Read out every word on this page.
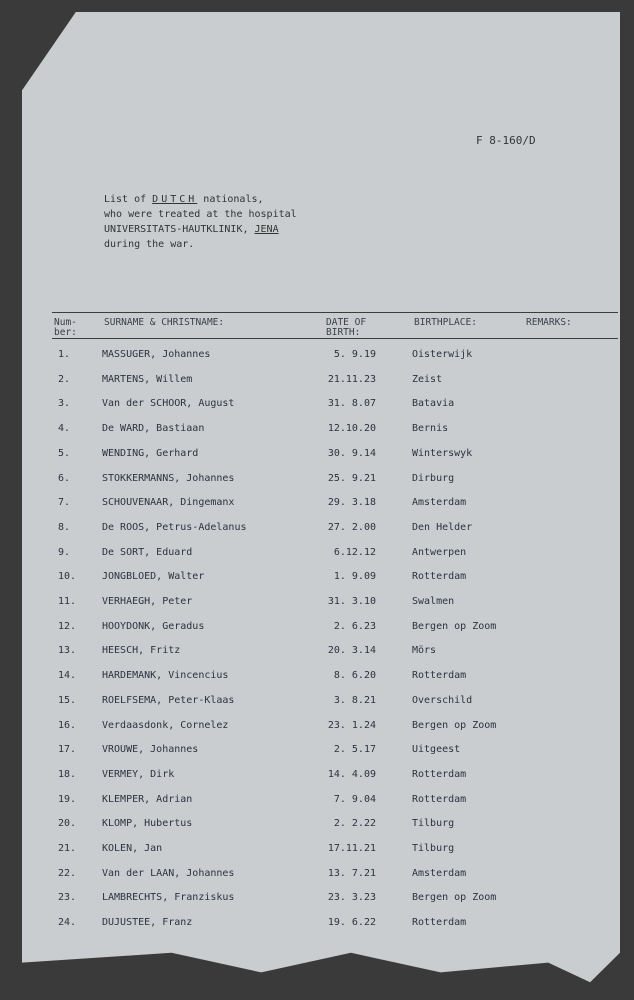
F 8-160/D
List of DUTCH nationals,
who were treated at the hospital
UNIVERSITATS-HAUTKLINIK, JENA
during the war.
Num-
ber:
SURNAME & CHRISTNAME:	DATE OF
BIRTH:
BIRTHPLACE:	REMARKS:
1.	MASSUGER, Johannes	5. 9.19	Oisterwijk
2.	MARTENS, Willem	21.11.23	Zeist
3.	Van der SCHOOR, August	31. 8.07	Batavia
4.	De WARD, Bastiaan	12.10.20	Bernis
5.	WENDING, Gerhard	30. 9.14	Winterswyk
6.	STOKKERMANNS, Johannes	25. 9.21	Dirburg
7.	SCHOUVENAAR, Dingemanx	29. 3.18	Amsterdam
8.	De ROOS, Petrus-Adelanus	27. 2.00	Den Helder
9.	De SORT, Eduard	6.12.12	Antwerpen
10.	JONGBLOED, Walter	1. 9.09	Rotterdam
11.	VERHAEGH, Peter	31. 3.10	Swalmen
12.	HOOYDONK, Geradus	2. 6.23	Bergen op Zoom
13.	HEESCH, Fritz	20. 3.14	Mörs
14.	HARDEMANK, Vincencius	8. 6.20	Rotterdam
15.	ROELFSEMA, Peter-Klaas	3. 8.21	Overschild
16.	Verdaasdonk, Cornelez	23. 1.24	Bergen op Zoom
17.	VROUWE, Johannes	2. 5.17	Uitgeest
18.	VERMEY, Dirk	14. 4.09	Rotterdam
19.	KLEMPER, Adrian	7. 9.04	Rotterdam
20.	KLOMP, Hubertus	2. 2.22	Tilburg
21.	KOLEN, Jan	17.11.21	Tilburg
22.	Van der LAAN, Johannes	13. 7.21	Amsterdam
23.	LAMBRECHTS, Franziskus	23. 3.23	Bergen op Zoom
24.	DUJUSTEE, Franz	19. 6.22	Rotterdam
